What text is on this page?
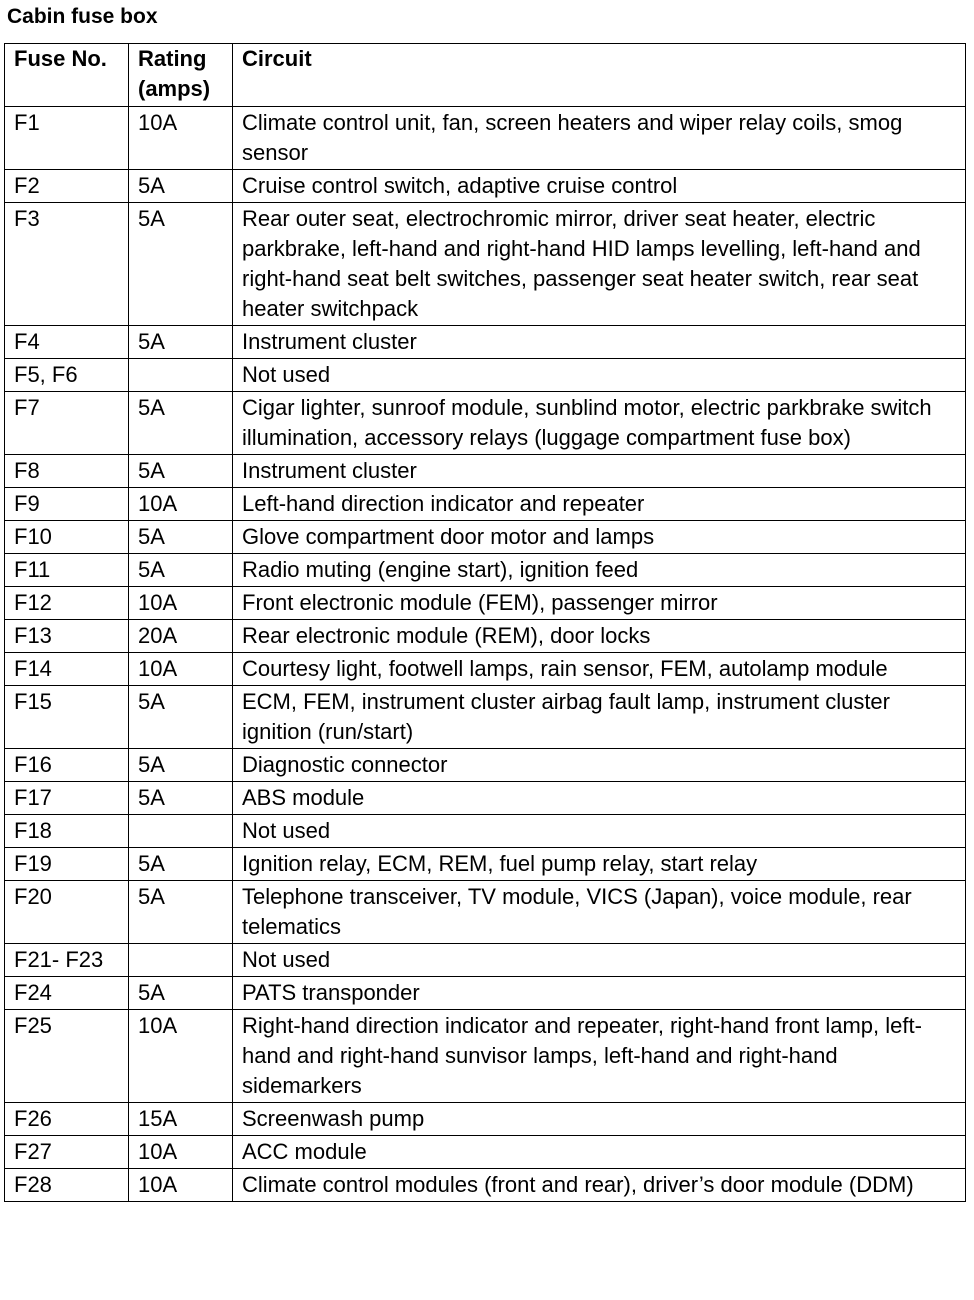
Cabin fuse box
Fuse No.	Rating (amps)	Circuit
F1	10A	Climate control unit, fan, screen heaters and wiper relay coils, smog sensor
F2	5A	Cruise control switch, adaptive cruise control
F3	5A	Rear outer seat, electrochromic mirror, driver seat heater, electric parkbrake, left-hand and right-hand HID lamps levelling, left-hand and right-hand seat belt switches, passenger seat heater switch, rear seat heater switchpack
F4	5A	Instrument cluster
F5, F6		Not used
F7	5A	Cigar lighter, sunroof module, sunblind motor, electric parkbrake switch illumination, accessory relays (luggage compartment fuse box)
F8	5A	Instrument cluster
F9	10A	Left-hand direction indicator and repeater
F10	5A	Glove compartment door motor and lamps
F11	5A	Radio muting (engine start), ignition feed
F12	10A	Front electronic module (FEM), passenger mirror
F13	20A	Rear electronic module (REM), door locks
F14	10A	Courtesy light, footwell lamps, rain sensor, FEM, autolamp module
F15	5A	ECM, FEM, instrument cluster airbag fault lamp, instrument cluster ignition (run/start)
F16	5A	Diagnostic connector
F17	5A	ABS module
F18		Not used
F19	5A	Ignition relay, ECM, REM, fuel pump relay, start relay
F20	5A	Telephone transceiver, TV module, VICS (Japan), voice module, rear telematics
F21- F23		Not used
F24	5A	PATS transponder
F25	10A	Right-hand direction indicator and repeater, right-hand front lamp, left-hand and right-hand sunvisor lamps, left-hand and right-hand sidemarkers
F26	15A	Screenwash pump
F27	10A	ACC module
F28	10A	Climate control modules (front and rear), driver’s door module (DDM)
